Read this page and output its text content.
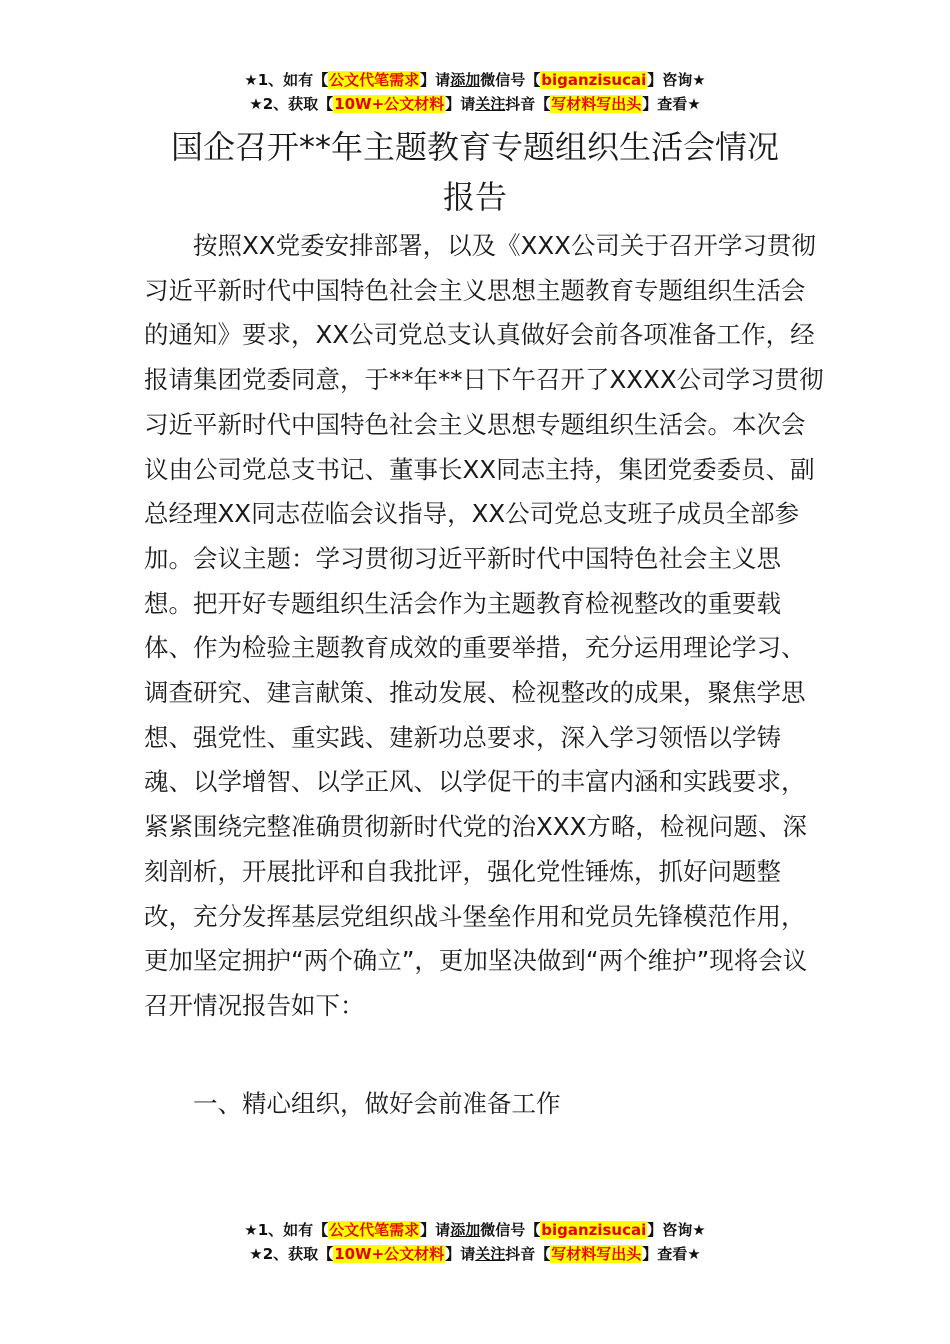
★1、如有【公文代笔需求】请添加微信号【biganzisucai】咨询★
★2、获取【10W+公文材料】请关注抖音【写材料写出头】查看★
国企召开**年主题教育专题组织生活会情况
报告

按照XX党委安排部署，以及《XXX公司关于召开学习贯彻习近平新时代中国特色社会主义思想主题教育专题组织生活会的通知》要求，XX公司党总支认真做好会前各项准备工作，经报请集团党委同意，于**年**日下午召开了XXXX公司学习贯彻习近平新时代中国特色社会主义思想专题组织生活会。本次会议由公司党总支书记、董事长XX同志主持，集团党委委员、副总经理XX同志莅临会议指导，XX公司党总支班子成员全部参加。会议主题：学习贯彻习近平新时代中国特色社会主义思想。把开好专题组织生活会作为主题教育检视整改的重要载体、作为检验主题教育成效的重要举措，充分运用理论学习、调查研究、建言献策、推动发展、检视整改的成果，聚焦学思想、强党性、重实践、建新功总要求，深入学习领悟以学铸魂、以学增智、以学正风、以学促干的丰富内涵和实践要求，紧紧围绕完整准确贯彻新时代党的治XXX方略，检视问题、深刻剖析，开展批评和自我批评，强化党性锤炼，抓好问题整改，充分发挥基层党组织战斗堡垒作用和党员先锋模范作用，更加坚定拥护“两个确立”，更加坚决做到“两个维护”现将会议召开情况报告如下：

一、精心组织，做好会前准备工作
★1、如有【公文代笔需求】请添加微信号【biganzisucai】咨询★
★2、获取【10W+公文材料】请关注抖音【写材料写出头】查看★
